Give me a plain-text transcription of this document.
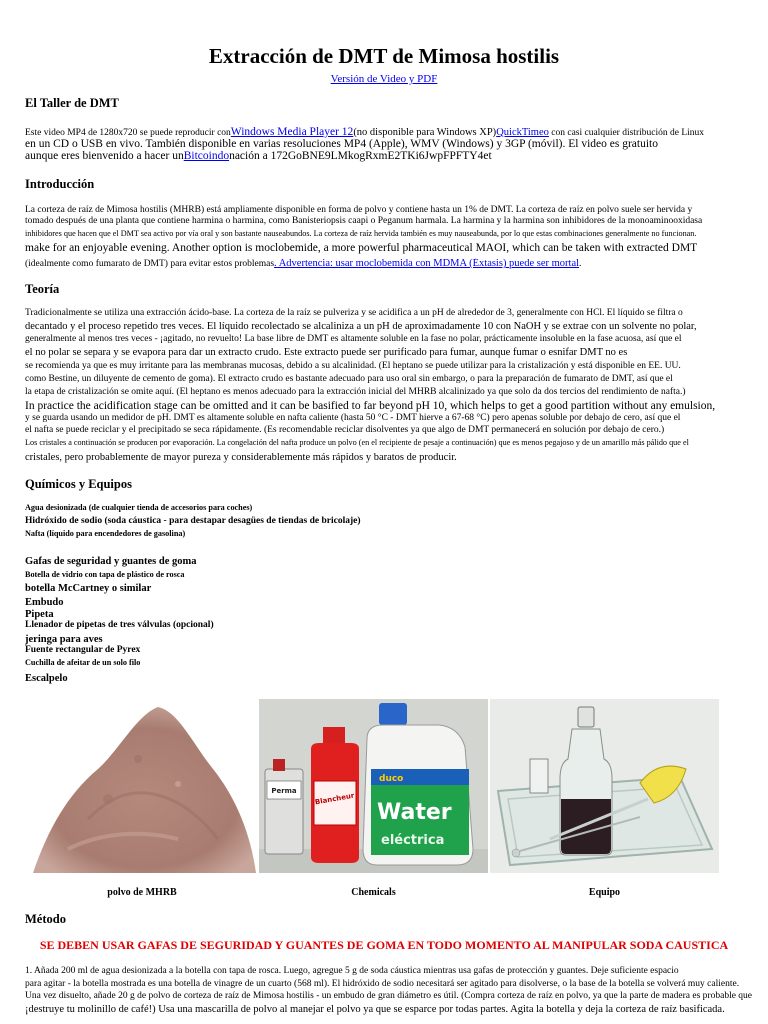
Extracción de DMT de Mimosa hostilis
Versión de Video y PDF
El Taller de DMT

Este video MP4 de 1280x720 se puede reproducir conWindows Media Player 12(no disponible para Windows XP)QuickTimeo con casi cualquier distribución de Linux

en un CD o USB en vivo. También disponible en varias resoluciones MP4 (Apple), WMV (Windows) y 3GP (móvil). El video es gratuito

aunque eres bienvenido a hacer unBitcoindonación a 172GoBNE9LMkogRxmE2TKi6JwpFPFTY4et

Introducción

La corteza de raíz de Mimosa hostilis (MHRB) está ampliamente disponible en forma de polvo y contiene hasta un 1% de DMT. La corteza de raíz en polvo suele ser hervida y

tomado después de una planta que contiene harmina o harmina, como Banisteriopsis caapi o Peganum harmala. La harmina y la harmina son inhibidores de la monoaminooxidasa

inhibidores que hacen que el DMT sea activo por vía oral y son bastante nauseabundos. La corteza de raíz hervida también es muy nauseabunda, por lo que estas combinaciones generalmente no funcionan.

make for an enjoyable evening. Another option is moclobemide, a more powerful pharmaceutical MAOI, which can be taken with extracted DMT

(idealmente como fumarato de DMT) para evitar estos problemas. Advertencia: usar moclobemida con MDMA (Éxtasis) puede ser mortal.

Teoría

Tradicionalmente se utiliza una extracción ácido-base. La corteza de la raíz se pulveriza y se acidifica a un pH de alrededor de 3, generalmente con HCl. El líquido se filtra o

decantado y el proceso repetido tres veces. El líquido recolectado se alcaliniza a un pH de aproximadamente 10 con NaOH y se extrae con un solvente no polar,

generalmente al menos tres veces - ¡agitado, no revuelto! La base libre de DMT es altamente soluble en la fase no polar, prácticamente insoluble en la fase acuosa, así que el

el no polar se separa y se evapora para dar un extracto crudo. Este extracto puede ser purificado para fumar, aunque fumar o esnifar DMT no es

se recomienda ya que es muy irritante para las membranas mucosas, debido a su alcalinidad. (El heptano se puede utilizar para la cristalización y está disponible en EE. UU.

como Bestine, un diluyente de cemento de goma). El extracto crudo es bastante adecuado para uso oral sin embargo, o para la preparación de fumarato de DMT, así que el

la etapa de cristalización se omite aquí. (El heptano es menos adecuado para la extracción inicial del MHRB alcalinizado ya que solo da dos tercios del rendimiento de nafta.)

In practice the acidification stage can be omitted and it can be basified to far beyond pH 10, which helps to get a good partition without any emulsion,

y se guarda usando un medidor de pH. DMT es altamente soluble en nafta caliente (hasta 50 °C - DMT hierve a 67-68 °C) pero apenas soluble por debajo de cero, así que el

el nafta se puede reciclar y el precipitado se seca rápidamente. (Es recomendable reciclar disolventes ya que algo de DMT permanecerá en solución por debajo de cero.)

Los cristales a continuación se producen por evaporación. La congelación del nafta produce un polvo (en el recipiente de pesaje a continuación) que es menos pegajoso y de un amarillo más pálido que el

cristales, pero probablemente de mayor pureza y considerablemente más rápidos y baratos de producir.

Químicos y Equipos

Agua desionizada (de cualquier tienda de accesorios para coches)

Hidróxido de sodio (soda cáustica - para destapar desagües de tiendas de bricolaje)

Nafta (líquido para encendedores de gasolina)

Gafas de seguridad y guantes de goma

Botella de vidrio con tapa de plástico de rosca

botella McCartney o similar

Embudo

Pipeta

Llenador de pipetas de tres válvulas (opcional)

jeringa para aves

Fuente rectangular de Pyrex

Cuchilla de afeitar de un solo filo

Escalpelo

Perma
Blancheur
duco
Water
eléctrica
polvo de MHRB	Chemicals	Equipo
Método
SE DEBEN USAR GAFAS DE SEGURIDAD Y GUANTES DE GOMA EN TODO MOMENTO AL MANIPULAR SODA CAUSTICA

1. Añada 200 ml de agua desionizada a la botella con tapa de rosca. Luego, agregue 5 g de soda cáustica mientras usa gafas de protección y guantes. Deje suficiente espacio

para agitar - la botella mostrada es una botella de vinagre de un cuarto (568 ml). El hidróxido de sodio necesitará ser agitado para disolverse, o la base de la botella se volverá muy caliente.

Una vez disuelto, añade 20 g de polvo de corteza de raíz de Mimosa hostilis - un embudo de gran diámetro es útil. (Compra corteza de raíz en polvo, ya que la parte de madera es probable que

¡destruye tu molinillo de café!) Usa una mascarilla de polvo al manejar el polvo ya que se esparce por todas partes. Agita la botella y deja la corteza de raíz basificada.
